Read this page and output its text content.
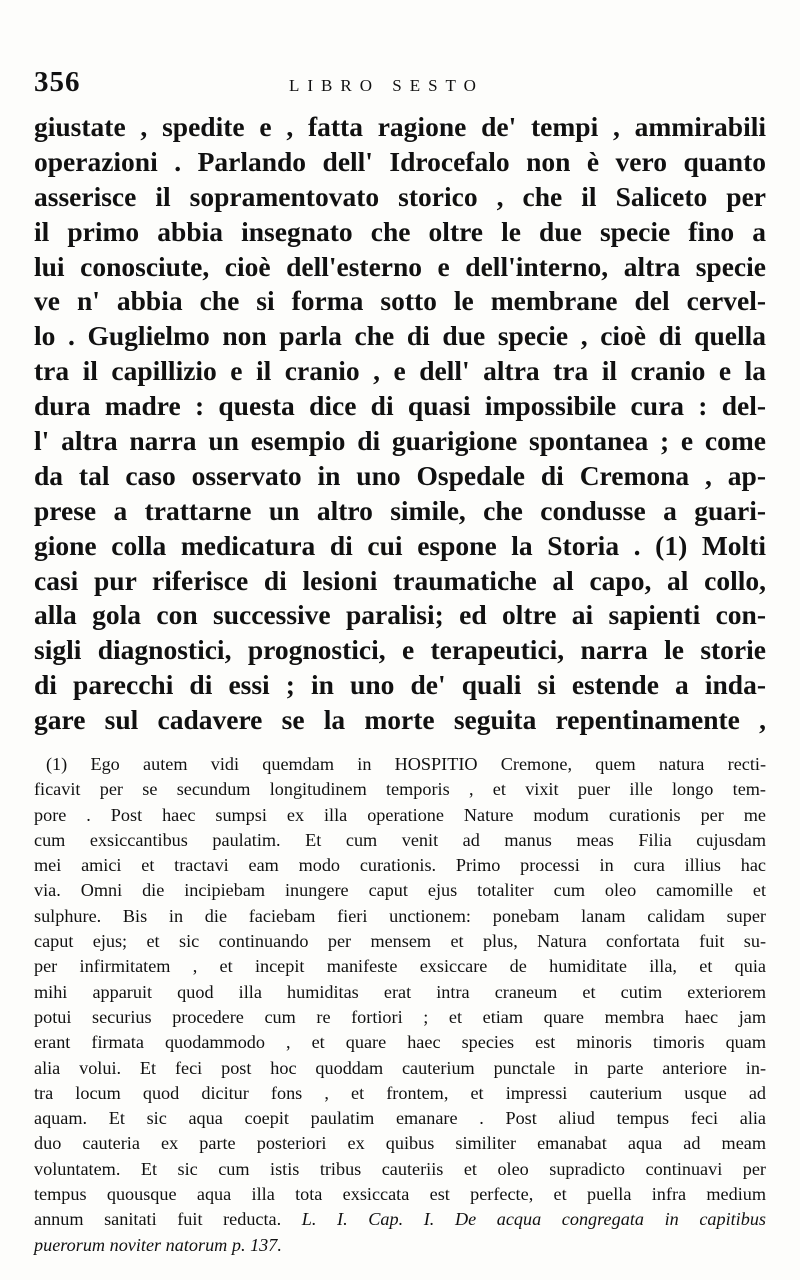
356	LIBRO SESTO
giustate , spedite e , fatta ragione de' tempi , ammirabili
operazioni . Parlando dell' Idrocefalo non è vero quanto
asserisce il sopramentovato storico , che il Saliceto per
il primo abbia insegnato che oltre le due specie fino a
lui conosciute, cioè dell'esterno e dell'interno, altra specie
ve n' abbia che si forma sotto le membrane del cervel-
lo . Guglielmo non parla che di due specie , cioè di quella
tra il capillizio e il cranio , e dell' altra tra il cranio e la
dura madre : questa dice di quasi impossibile cura : del-
l' altra narra un esempio di guarigione spontanea ; e come
da tal caso osservato in uno Ospedale di Cremona , ap-
prese a trattarne un altro simile, che condusse a guari-
gione colla medicatura di cui espone la Storia . (1) Molti
casi pur riferisce di lesioni traumatiche al capo, al collo,
alla gola con successive paralisi; ed oltre ai sapienti con-
sigli diagnostici, prognostici, e terapeutici, narra le storie
di parecchi di essi ; in uno de' quali si estende a inda-
gare sul cadavere se la morte seguita repentinamente ,
(1) Ego autem vidi quemdam in HOSPITIO Cremone, quem natura recti-
ficavit per se secundum longitudinem temporis , et vixit puer ille longo tem-
pore . Post haec sumpsi ex illa operatione Nature modum curationis per me
cum exsiccantibus paulatim. Et cum venit ad manus meas Filia cujusdam
mei amici et tractavi eam modo curationis. Primo processi in cura illius hac
via. Omni die incipiebam inungere caput ejus totaliter cum oleo camomille et
sulphure. Bis in die faciebam fieri unctionem: ponebam lanam calidam super
caput ejus; et sic continuando per mensem et plus, Natura confortata fuit su-
per infirmitatem , et incepit manifeste exsiccare de humiditate illa, et quia
mihi apparuit quod illa humiditas erat intra craneum et cutim exteriorem
potui securius procedere cum re fortiori ; et etiam quare membra haec jam
erant firmata quodammodo , et quare haec species est minoris timoris quam
alia volui. Et feci post hoc quoddam cauterium punctale in parte anteriore in-
tra locum quod dicitur fons , et frontem, et impressi cauterium usque ad
aquam. Et sic aqua coepit paulatim emanare . Post aliud tempus feci alia
duo cauteria ex parte posteriori ex quibus similiter emanabat aqua ad meam
voluntatem. Et sic cum istis tribus cauteriis et oleo supradicto continuavi per
tempus quousque aqua illa tota exsiccata est perfecte, et puella infra medium
annum sanitati fuit reducta. L. I. Cap. I. De acqua congregata in capitibus
puerorum noviter natorum p. 137.
